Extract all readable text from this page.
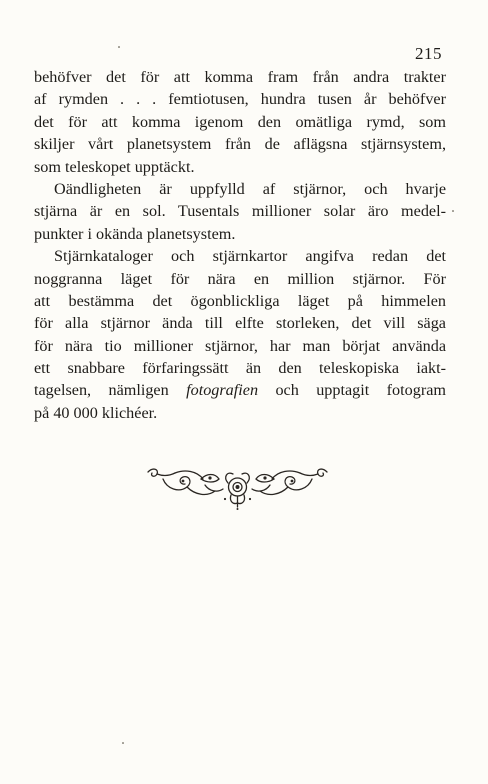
215
behöfver det för att komma fram från andra trakter
af rymden . . . femtiotusen, hundra tusen år behöfver
det för att komma igenom den omätliga rymd, som
skiljer vårt planetsystem från de aflägsna stjärnsystem,
som teleskopet upptäckt.
Oändligheten är uppfylld af stjärnor, och hvarje
stjärna är en sol. Tusentals millioner solar äro medel-
punkter i okända planetsystem.
Stjärnkataloger och stjärnkartor angifva redan det
noggranna läget för nära en million stjärnor. För
att bestämma det ögonblickliga läget på himmelen
för alla stjärnor ända till elfte storleken, det vill säga
för nära tio millioner stjärnor, har man börjat använda
ett snabbare förfaringssätt än den teleskopiska iakt-
tagelsen, nämligen fotografien och upptagit fotogram
på 40 000 klichéer.
